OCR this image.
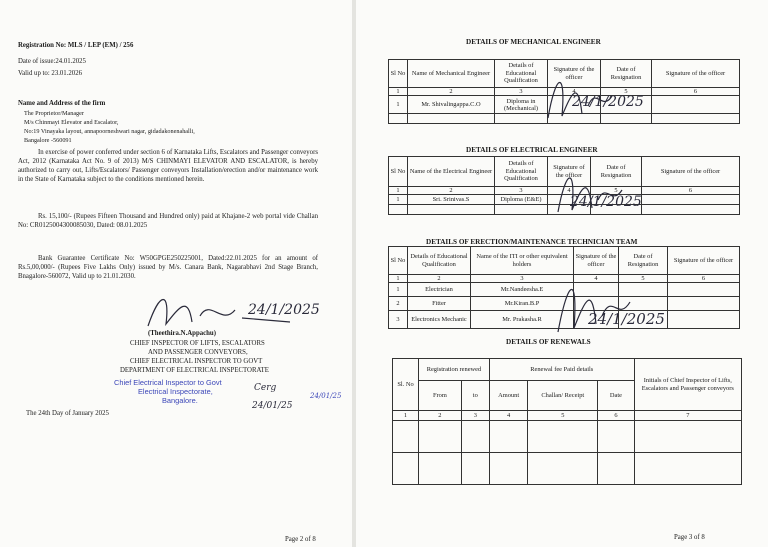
Registration No: MLS / LEP (EM) / 256
Date of issue:24.01.2025
Valid up to: 23.01.2026
Name and Address of the firm
The Proprietor/Manager
M/s Chinmayi Elevator and Escalator,
No:19 Vinayaka layout, annapoorneshwari nagar, gidadakonenahalli,
Bangalore -560091
In exercise of power conferred under section 6 of Karnataka Lifts, Escalators and Passenger conveyors Act, 2012 (Karnataka Act No. 9 of 2013) M/S CHINMAYI ELEVATOR AND ESCALATOR, is hereby authorized to carry out, Lifts/Escalators/ Passenger conveyors Installation/erection and/or maintenance work in the State of Karnataka subject to the conditions mentioned herein.
Rs. 15,100/- (Rupees Fifteen Thousand and Hundred only) paid at Khajane-2 web portal vide Challan No: CR0125004300085030, Dated: 08.01.2025
Bank Guarantee Certificate No: W50GPGE250225001, Dated:22.01.2025 for an amount of Rs.5,00,000/- (Rupees Five Lakhs Only) issued by M/s. Canara Bank, Nagarabhavi 2nd Stage Branch, Bnagalore-560072, Valid up to 21.01.2030.
24/1/2025
(Theethira.N.Appachu)
CHIEF INSPECTOR OF LIFTS, ESCALATORS
AND PASSENGER CONVEYORS,
CHIEF ELECTRICAL INSPECTOR TO GOVT
DEPARTMENT OF ELECTRICAL INSPECTORATE
Chief Electrical Inspector to Govt
Electrical Inspectorate,
Bangalore.
Cerg
24/01/25
24/01/25
The 24th Day of January 2025
Page 2 of 8
DETAILS OF MECHANICAL ENGINEER
Sl No	Name of Mechanical Engineer	Details of Educational Qualification	Signature of the officer	Date of Resignation	Signature of the officer
1	2	3	4	5	6
1	Mr. Shivalingappa.C.O	Diploma in (Mechanical)			
					24/1/2025
DETAILS OF ELECTRICAL ENGINEER
Sl No	Name of the Electrical Engineer	Details of Educational Qualification	Signature of the officer	Date of Resignation	Signature of the officer
1	2	3	4	5	6
1	Sri. Srinivas.S	Diploma (E&E)			
					24/1/2025
DETAILS OF ERECTION/MAINTENANCE TECHNICIAN TEAM
Sl No	Details of Educational Qualification	Name of the ITI or other equivalent holders	Signature of the officer	Date of Resignation	Signature of the officer
1	2	3	4	5	6
1	Electrician	Mr.Nandeesha.E			
2	Fitter	Mr.Kiran.B.P			
3	Electronics Mechanic	Mr. Prakasha.R				24/1/2025
DETAILS OF RENEWALS
Sl. No	Registration renewed		Renewal fee Paid details			Initials of Chief Inspector of Lifts, Escalators and Passenger conveyors
	From	to	Amount	Challan/ Receipt	Date	
1	2	3	4	5	6	7

Page 3 of 8
